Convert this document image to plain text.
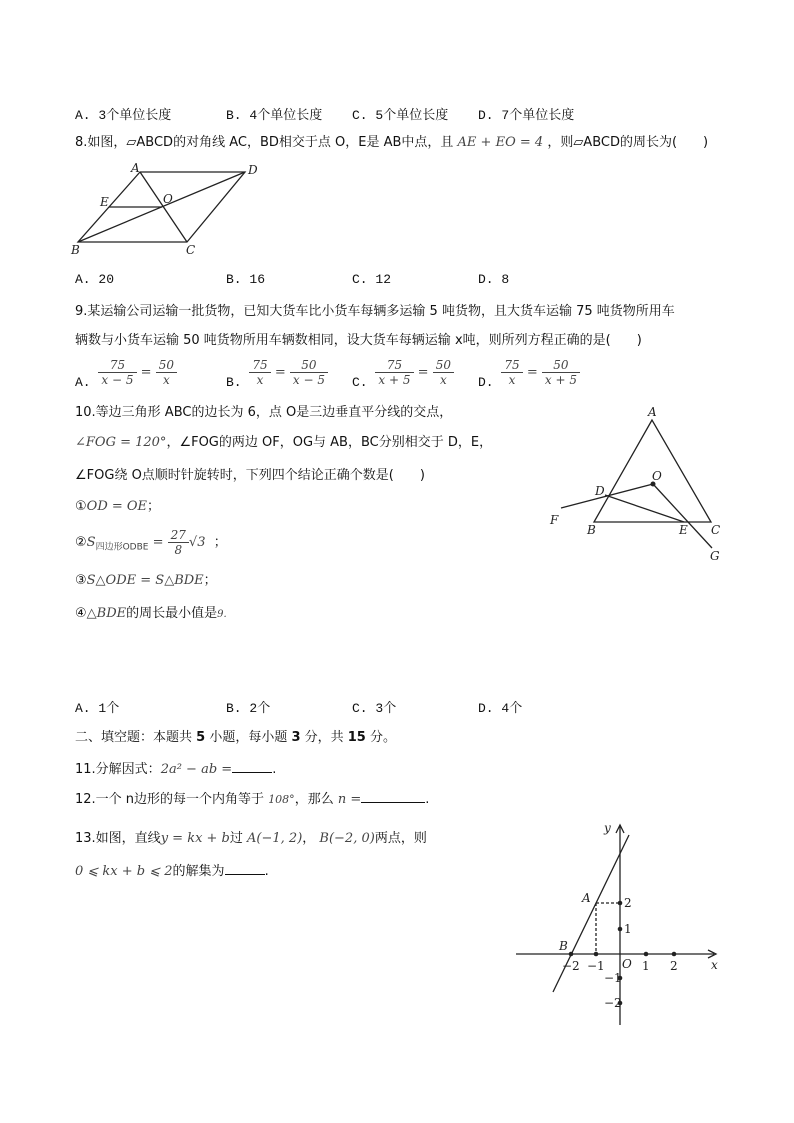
A. 3个单位长度	B. 4个单位长度 C. 5个单位长度 D. 7个单位长度
8.如图，▱ABCD的对角线 AC，BD相交于点 O，E是 AB中点，且 AE + EO = 4 ，则▱ABCD的周长为(　　)
A	D
E	O
B	C
A. 20	B. 16	C. 12	D. 8
9.某运输公司运输一批货物，已知大货车比小货车每辆多运输 5 吨货物，且大货车运输 75 吨货物所用车
辆数与小货车运输 50 吨货物所用车辆数相同，设大货车每辆运输 x吨，则所列方程正确的是(　　)
A. $\frac{75}{x - 5} = \frac{50}{x}$	B. $\frac{75}{x} = \frac{50}{x - 5} C$. $\frac{75}{x + 5} = \frac{50}{x} D$. $\frac{75}{x} = \frac{50}{x + 5}$
10.等边三角形 ABC的边长为 6，点 O是三边垂直平分线的交点，
∠FOG = 120°，∠FOG的两边 OF，OG与 AB，BC分别相交于 D，E，
∠FOG绕 O点顺时针旋转时，下列四个结论正确个数是(　　)
①OD = OE；
$②S_{四边形ODBE} = \frac{27}{8} √3$ ；
③S△ODE = S△BDE；
④△BDE的周长最小值是9.
A
O
D
F
B	E C
G
A. 1个	B. 2个	C. 3个	D. 4个
二、填空题：本题共 5 小题，每小题 3 分，共 15 分。
11.分解因式：2a² − ab =	.
12.一个 n边形的每一个内角等于 108°，那么 n =	.
13.如图，直线y = kx + b过 A(−1, 2)， B(−2, 0)两点，则
0 ⩽ kx + b ⩽ 2的解集为	.
x
y
O
A
B
−2 −1	1 2
2
1
−1
−2
